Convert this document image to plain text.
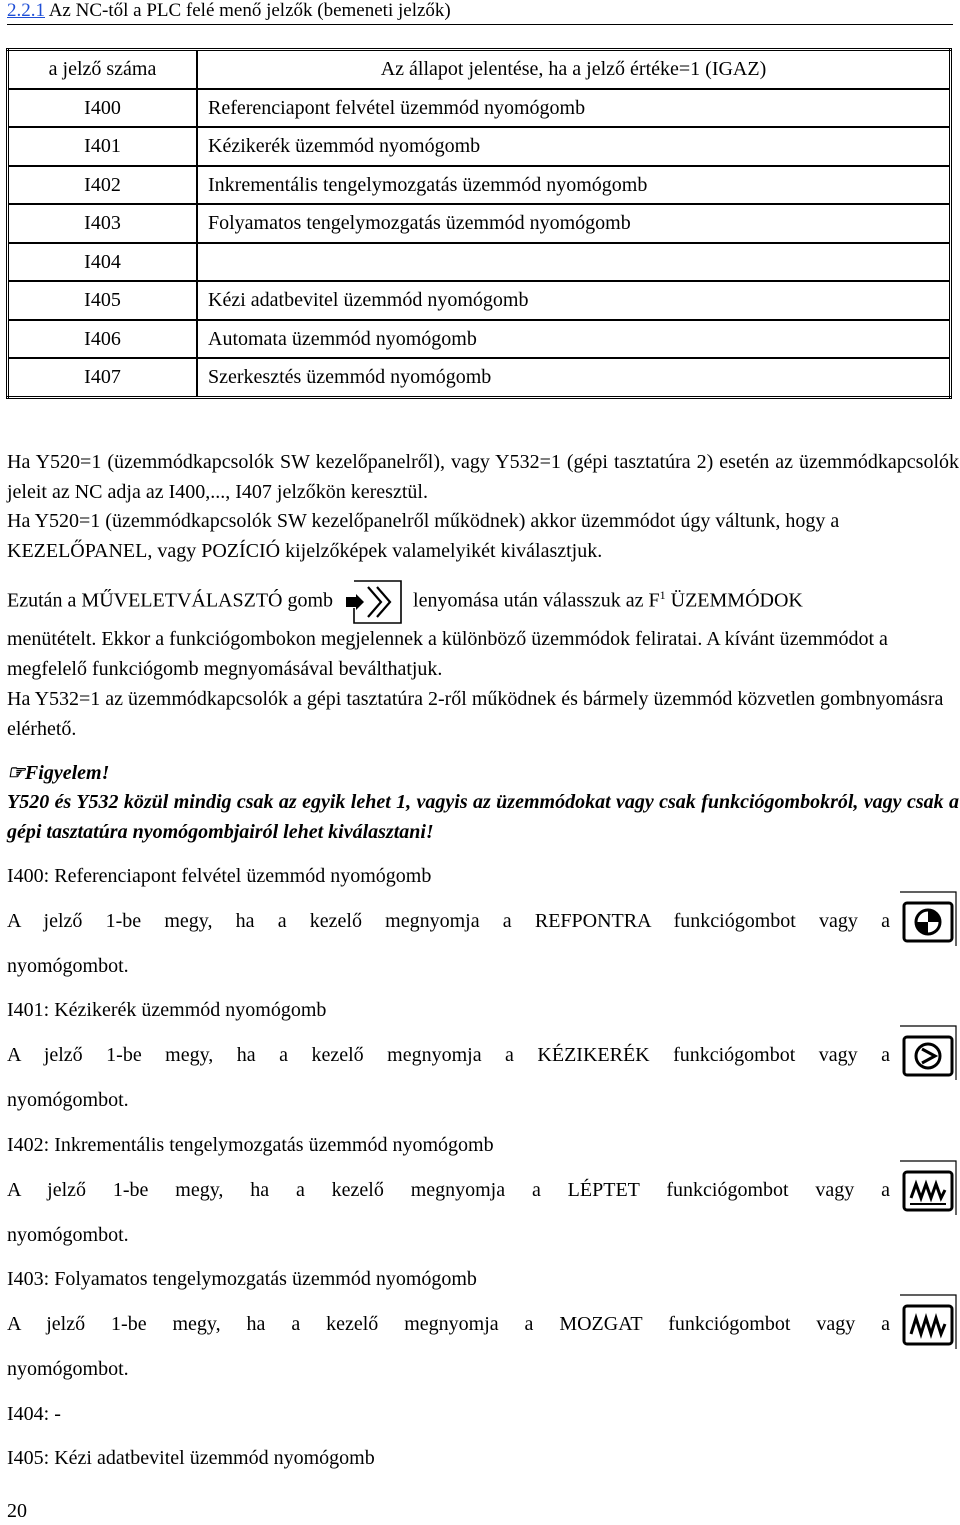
2.2.1 Az NC-től a PLC felé menő jelzők (bemeneti jelzők)
a jelző száma	Az állapot jelentése, ha a jelző értéke=1 (IGAZ)
I400	Referenciapont felvétel üzemmód nyomógomb
I401	Kézikerék üzemmód nyomógomb
I402	Inkrementális tengelymozgatás üzemmód nyomógomb
I403	Folyamatos tengelymozgatás üzemmód nyomógomb
I404	
I405	Kézi adatbevitel üzemmód nyomógomb
I406	Automata üzemmód nyomógomb
I407	Szerkesztés üzemmód nyomógomb

Ha Y520=1 (üzemmódkapcsolók SW kezelőpanelről), vagy Y532=1 (gépi tasztatúra 2) esetén az üzemmódkapcsolók jeleit az NC adja az I400,..., I407 jelzőkön keresztül.

Ha Y520=1 (üzemmódkapcsolók SW kezelőpanelről működnek) akkor üzemmódot úgy váltunk, hogy a KEZELŐPANEL, vagy POZÍCIÓ kijelzőképek valamelyikét kiválasztjuk.

Ezután a MŰVELETVÁLASZTÓ gomb	lenyomása után válasszuk az $F^1$ ÜZEMMÓDOK

menütételt. Ekkor a funkciógombokon megjelennek a különböző üzemmódok feliratai. A kívánt üzemmódot a megfelelő funkciógomb megnyomásával beválthatjuk.

Ha Y532=1 az üzemmódkapcsolók a gépi tasztatúra 2-ről működnek és bármely üzemmód közvetlen gombnyomásra elérhető.

☞Figyelem!

Y520 és Y532 közül mindig csak az egyik lehet 1, vagyis az üzemmódokat vagy csak funkciógombokról, vagy csak a gépi tasztatúra nyomógombjairól lehet kiválasztani!

I400: Referenciapont felvétel üzemmód nyomógomb

A jelző 1-be megy, ha a kezelő megnyomja a REFPONTRA funkciógombot vagy a

nyomógombot.

I401: Kézikerék üzemmód nyomógomb

A jelző 1-be megy, ha a kezelő megnyomja a KÉZIKERÉK funkciógombot vagy a

nyomógombot.

I402: Inkrementális tengelymozgatás üzemmód nyomógomb

A jelző 1-be megy, ha a kezelő megnyomja a LÉPTET funkciógombot vagy a

nyomógombot.

I403: Folyamatos tengelymozgatás üzemmód nyomógomb

A jelző 1-be megy, ha a kezelő megnyomja a MOZGAT funkciógombot vagy a

nyomógombot.

I404: -

I405: Kézi adatbevitel üzemmód nyomógomb

20
